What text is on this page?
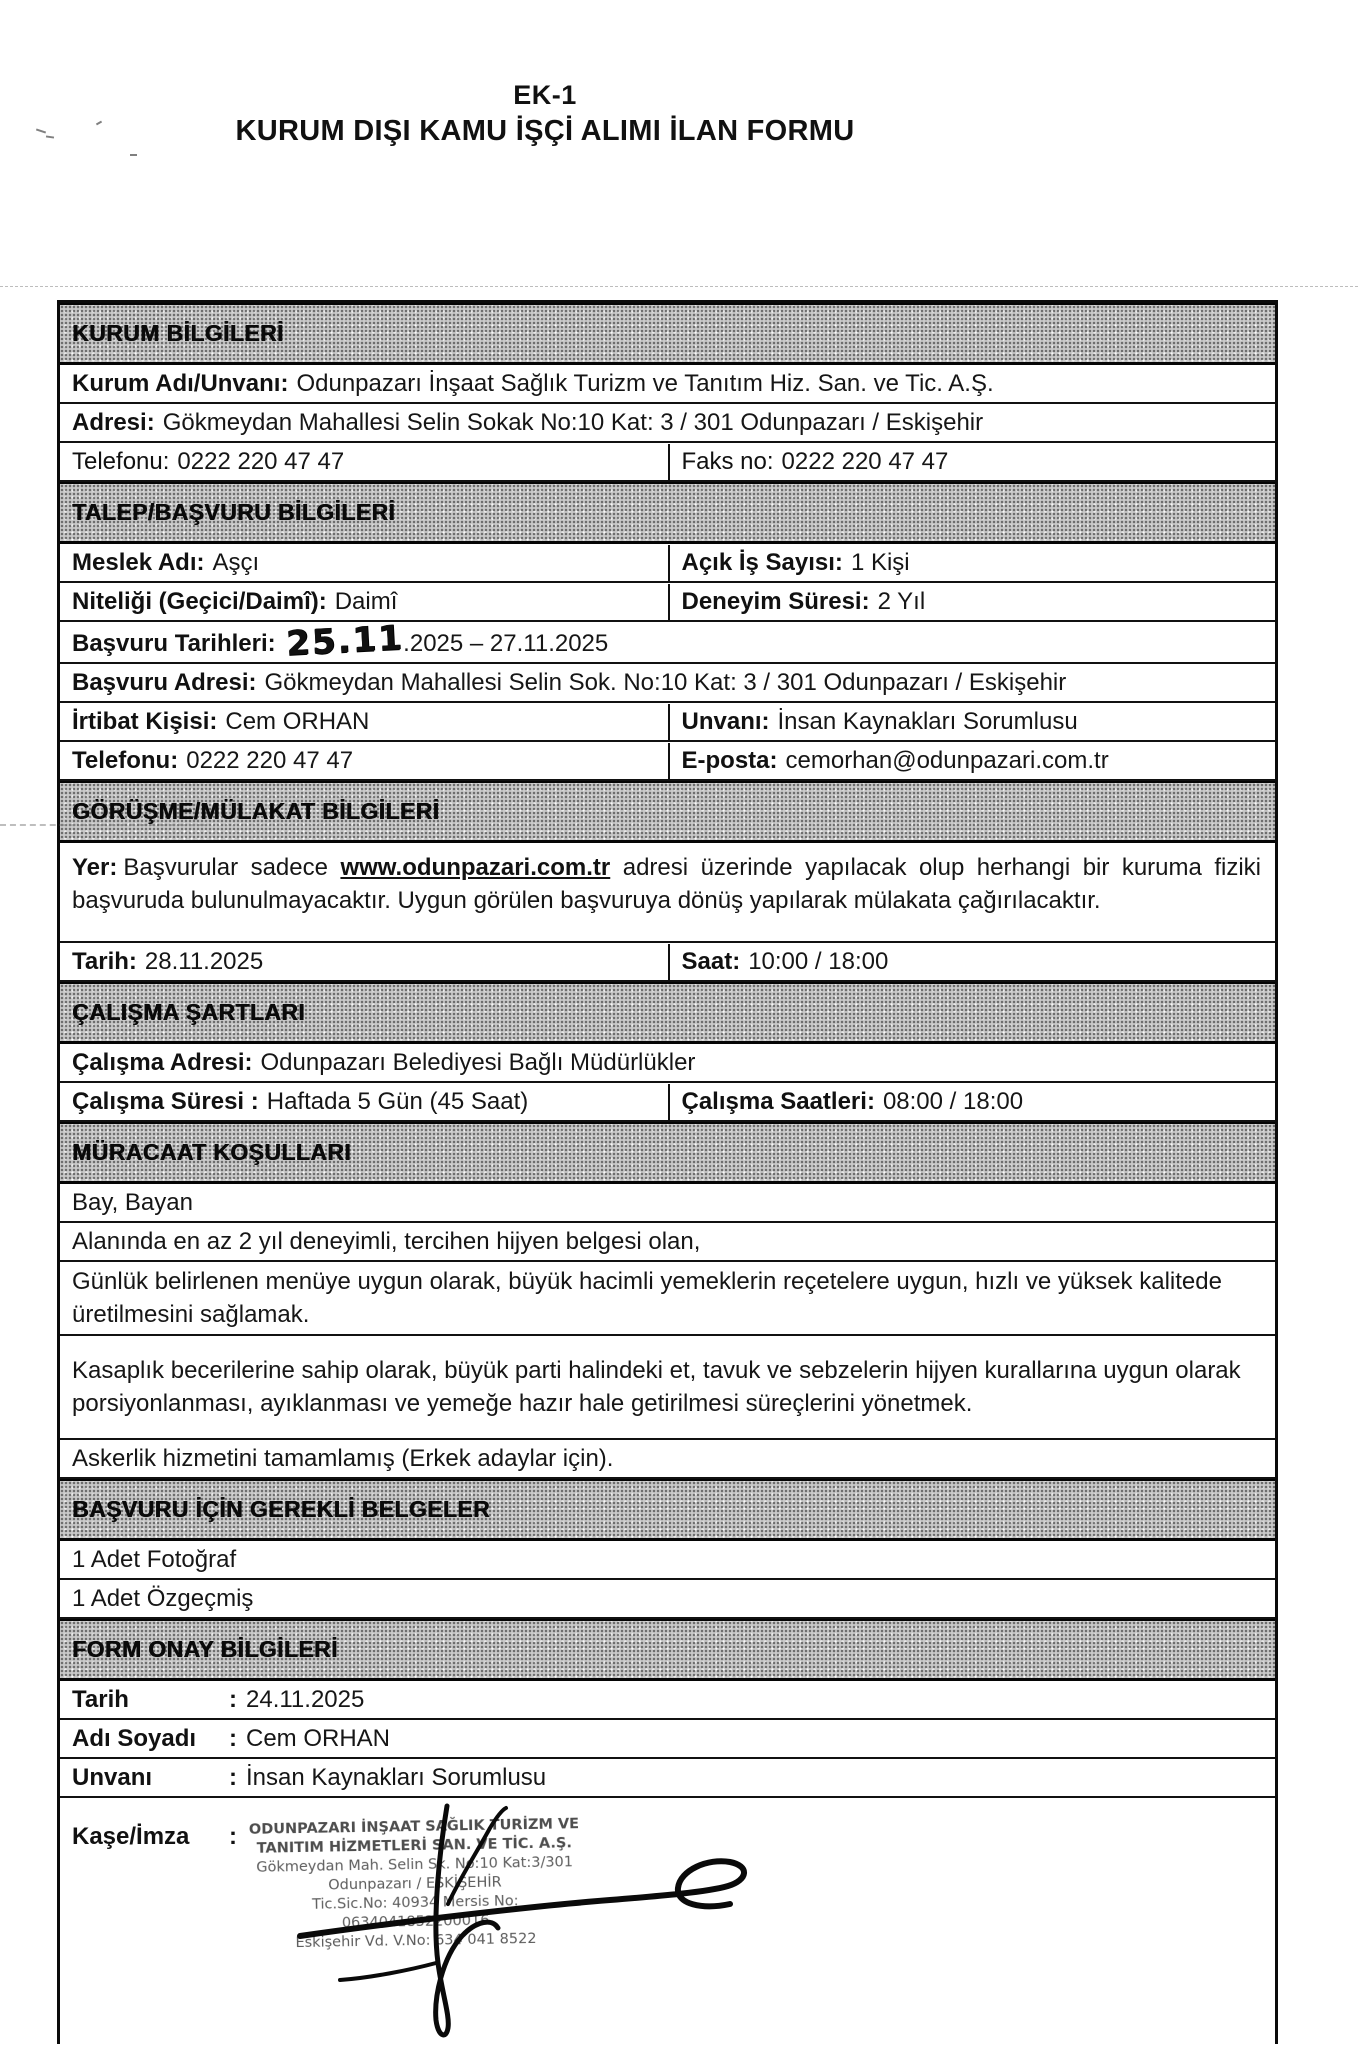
EK-1
KURUM DIŞI KAMU İŞÇİ ALIMI İLAN FORMU
KURUM BİLGİLERİ
Kurum Adı/Unvanı: Odunpazarı İnşaat Sağlık Turizm ve Tanıtım Hiz. San. ve Tic. A.Ş.
Adresi: Gökmeydan Mahallesi Selin Sokak No:10 Kat: 3 / 301 Odunpazarı / Eskişehir
Telefonu: 0222 220 47 47	Faks no: 0222 220 47 47
TALEP/BAŞVURU BİLGİLERİ
Meslek Adı: Aşçı	Açık İş Sayısı: 1 Kişi
Niteliği (Geçici/Daimî): Daimî	Deneyim Süresi: 2 Yıl
Başvuru Tarihleri: 25.11.2025 – 27.11.2025
Başvuru Adresi: Gökmeydan Mahallesi Selin Sok. No:10 Kat: 3 / 301 Odunpazarı / Eskişehir
İrtibat Kişisi: Cem ORHAN	Unvanı: İnsan Kaynakları Sorumlusu
Telefonu: 0222 220 47 47	E-posta: cemorhan@odunpazari.com.tr
GÖRÜŞME/MÜLAKAT BİLGİLERİ
Yer: Başvurular sadece www.odunpazari.com.tr adresi üzerinde yapılacak olup herhangi bir kuruma fiziki başvuruda bulunulmayacaktır. Uygun görülen başvuruya dönüş yapılarak mülakata çağırılacaktır.
Tarih: 28.11.2025	Saat: 10:00 / 18:00
ÇALIŞMA ŞARTLARI
Çalışma Adresi: Odunpazarı Belediyesi Bağlı Müdürlükler
Çalışma Süresi : Haftada 5 Gün (45 Saat)	Çalışma Saatleri: 08:00 / 18:00
MÜRACAAT KOŞULLARI
Bay, Bayan
Alanında en az 2 yıl deneyimli, tercihen hijyen belgesi olan,
Günlük belirlenen menüye uygun olarak, büyük hacimli yemeklerin reçetelere uygun, hızlı ve yüksek kalitede üretilmesini sağlamak.
Kasaplık becerilerine sahip olarak, büyük parti halindeki et, tavuk ve sebzelerin hijyen kurallarına uygun olarak porsiyonlanması, ayıklanması ve yemeğe hazır hale getirilmesi süreçlerini yönetmek.
Askerlik hizmetini tamamlamış (Erkek adaylar için).
BAŞVURU İÇİN GEREKLİ BELGELER
1 Adet Fotoğraf
1 Adet Özgeçmiş
FORM ONAY BİLGİLERİ
Tarih	: 24.11.2025
Adı Soyadı : Cem ORHAN
Unvanı	: İnsan Kaynakları Sorumlusu
Kaşe/İmza : ODUNPAZARI İNŞAAT SAĞLIK TURİZM VE
TANITIM HİZMETLERİ SAN. VE TİC. A.Ş.
Gökmeydan Mah. Selin Sk. No:10 Kat:3/301
Odunpazarı / ESKİŞEHİR
Tic.Sic.No: 40934 Mersis No: 0634041852200016
Eskişehir Vd. V.No: 634 041 8522
